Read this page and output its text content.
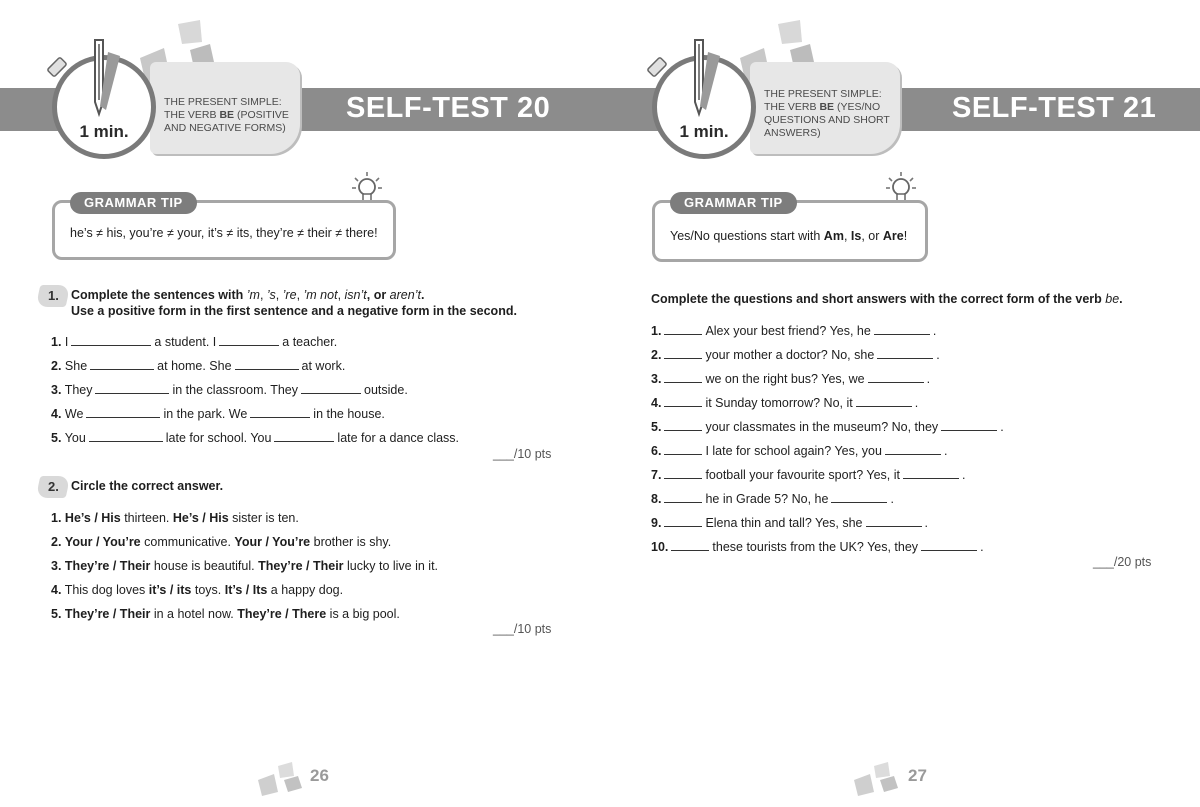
THE PRESENT SIMPLE:
THE VERB BE (POSITIVE
AND NEGATIVE FORMS)
1 min.
SELF-TEST 20
GRAMMAR TIP
he’s ≠ his, you’re ≠ your, it’s ≠ its, they’re ≠ their ≠ there!
1. Complete the sentences with ’m, ’s, ’re, ’m not, isn’t, or aren’t.
Use a positive form in the first sentence and a negative form in the second.
1. I	a student. I	a teacher.
2. She	at home. She	at work.
3. They	in the classroom. They	outside.
4. We	in the park. We	in the house.
5. You	late for school. You	late for a dance class.
___/10 pts
2. Circle the correct answer.
1. He’s / His thirteen. He’s / His sister is ten.
2. Your / You’re communicative. Your / You’re brother is shy.
3. They’re / Their house is beautiful. They’re / Their lucky to live in it.
4. This dog loves it’s / its toys. It’s / Its a happy dog.
5. They’re / Their in a hotel now. They’re / There is a big pool.
___/10 pts
26
THE PRESENT SIMPLE:
THE VERB BE (YES/NO
QUESTIONS AND SHORT
ANSWERS)
1 min.
SELF-TEST 21
GRAMMAR TIP
Yes/No questions start with Am, Is, or Are!
Complete the questions and short answers with the correct form of the verb be.
1.	Alex your best friend? Yes, he	.
2.	your mother a doctor? No, she	.
3.	we on the right bus? Yes, we	.
4.	it Sunday tomorrow? No, it	.
5.	your classmates in the museum? No, they	.
6.	I late for school again? Yes, you	.
7.	football your favourite sport? Yes, it	.
8.	he in Grade 5? No, he	.
9.	Elena thin and tall? Yes, she	.
10.	these tourists from the UK? Yes, they	.
___/20 pts
27
